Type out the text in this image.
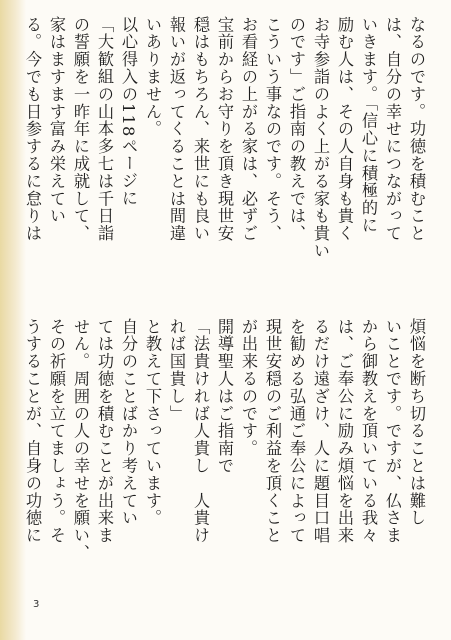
なるのです。功徳を積むこと
は、自分の幸せにつながって
いきます。「信心に積極的に
励む人は、その人自身も貴く
お寺参詣のよく上がる家も貴い
のです」ご指南の教えでは、
こういう事なのです。そう、
お看経の上がる家は、必ずご
宝前からお守りを頂き現世安
穏はもちろん、来世にも良い
報いが返ってくることは間違
いありません。
以心得入の118ページに
「大歓組の山本多七は千日詣
の誓願を一昨年に成就して、
家はますます富み栄えてい
る。今でも日参するに怠りは
煩悩を断ち切ることは難し
いことです。ですが、仏さま
から御教えを頂いている我々
は、ご奉公に励み煩悩を出来
るだけ遠ざけ、人に題目口唱
を勧める弘通ご奉公によって
現世安穏のご利益を頂くこと
が出来るのです。
開導聖人はご指南で
「法貴ければ人貴し　人貴け
れば国貴し」
と教えて下さっています。
自分のことばかり考えてい
ては功徳を積むことが出来ま
せん。周囲の人の幸せを願い、
その祈願を立てましょう。そ
うすることが、自身の功徳に
3
